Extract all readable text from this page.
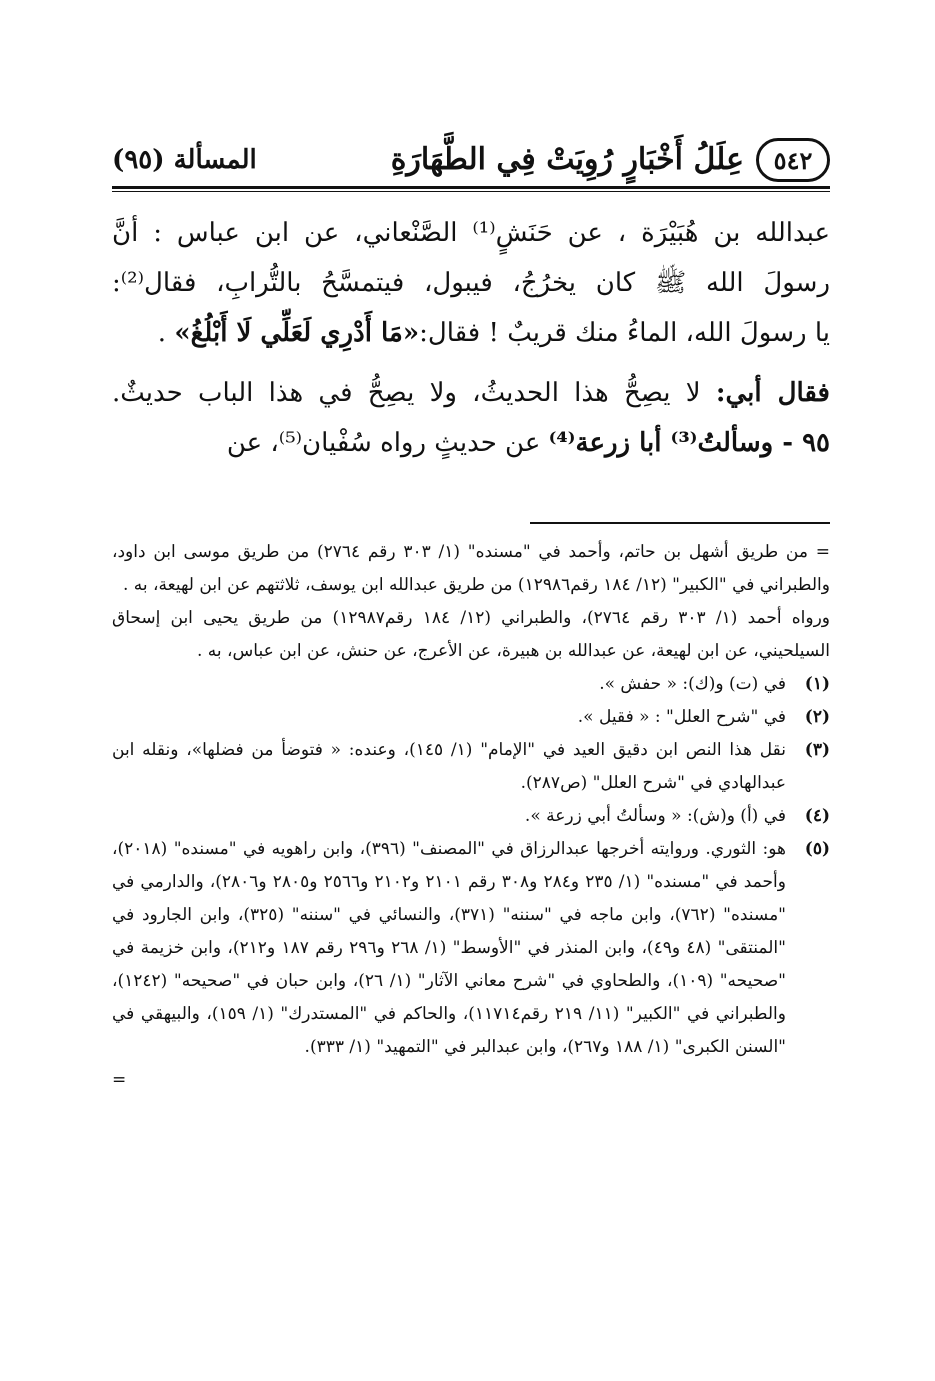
٥٤٢
عِلَلُ أَخْبَارٍ رُوِيَتْ فِي الطَّهَارَةِ
المسألة (٩٥)

عبدالله بن هُبَيْرَة ، عن حَنَشٍ⁽¹⁾ الصَّنْعاني، عن ابن عباس : أنَّ

رسولَ الله ﷺ كان يخرُجُ، فيبول، فيتمسَّحُ بالتُّرابِ، فقال⁽²⁾:

يا رسولَ الله، الماءُ منك قريبٌ ! فقال:«مَا أَدْرِي لَعَلِّي لَا أَبْلُغُ» .

فقال أبي: لا يصِحُّ هذا الحديثُ، ولا يصِحُّ في هذا الباب حديثٌ.

٩٥ - وسألتُ⁽³⁾ أبا زرعة⁽⁴⁾ عن حديثٍ رواه سُفْيان⁽⁵⁾، عن

= من طريق أشهل بن حاتم، وأحمد في "مسنده" (١/ ٣٠٣ رقم ٢٧٦٤) من طريق موسى ابن داود، والطبراني في "الكبير" (١٢/ ١٨٤ رقم١٢٩٨٦) من طريق عبدالله ابن يوسف، ثلاثتهم عن ابن لهيعة، به .

ورواه أحمد (١/ ٣٠٣ رقم ٢٧٦٤)، والطبراني (١٢/ ١٨٤ رقم١٢٩٨٧) من طريق يحيى ابن إسحاق السيلحيني، عن ابن لهيعة، عن عبدالله بن هبيرة، عن الأعرج، عن حنش، عن ابن عباس، به .

(١)
في (ت) و(ك): « حفش ».
(٢)
في "شرح العلل" : « فقيل ».
(٣)
نقل هذا النص ابن دقيق العيد في "الإمام" (١/ ١٤٥)، وعنده: « فتوضأ من فضلها»، ونقله ابن عبدالهادي في "شرح العلل" (ص٢٨٧).
(٤)
في (أ) و(ش): « وسألتُ أبي زرعة ».
(٥)
هو: الثوري. وروايته أخرجها عبدالرزاق في "المصنف" (٣٩٦)، وابن راهويه في "مسنده" (٢٠١٨)، وأحمد في "مسنده" (١/ ٢٣٥ و٢٨٤ و٣٠٨ رقم ٢١٠١ و٢١٠٢ و٢٥٦٦ و٢٨٠٥ و٢٨٠٦)، والدارمي في "مسنده" (٧٦٢)، وابن ماجه في "سننه" (٣٧١)، والنسائي في "سننه" (٣٢٥)، وابن الجارود في "المنتقى" (٤٨ و٤٩)، وابن المنذر في "الأوسط" (١/ ٢٦٨ و٢٩٦ رقم ١٨٧ و٢١٢)، وابن خزيمة في "صحيحه" (١٠٩)، والطحاوي في "شرح معاني الآثار" (١/ ٢٦)، وابن حبان في "صحيحه" (١٢٤٢)، والطبراني في "الكبير" (١١/ ٢١٩ رقم١١٧١٤)، والحاكم في "المستدرك" (١/ ١٥٩)، والبيهقي في "السنن الكبرى" (١/ ١٨٨ و٢٦٧)، وابن عبدالبر في "التمهيد" (١/ ٣٣٣).

=
